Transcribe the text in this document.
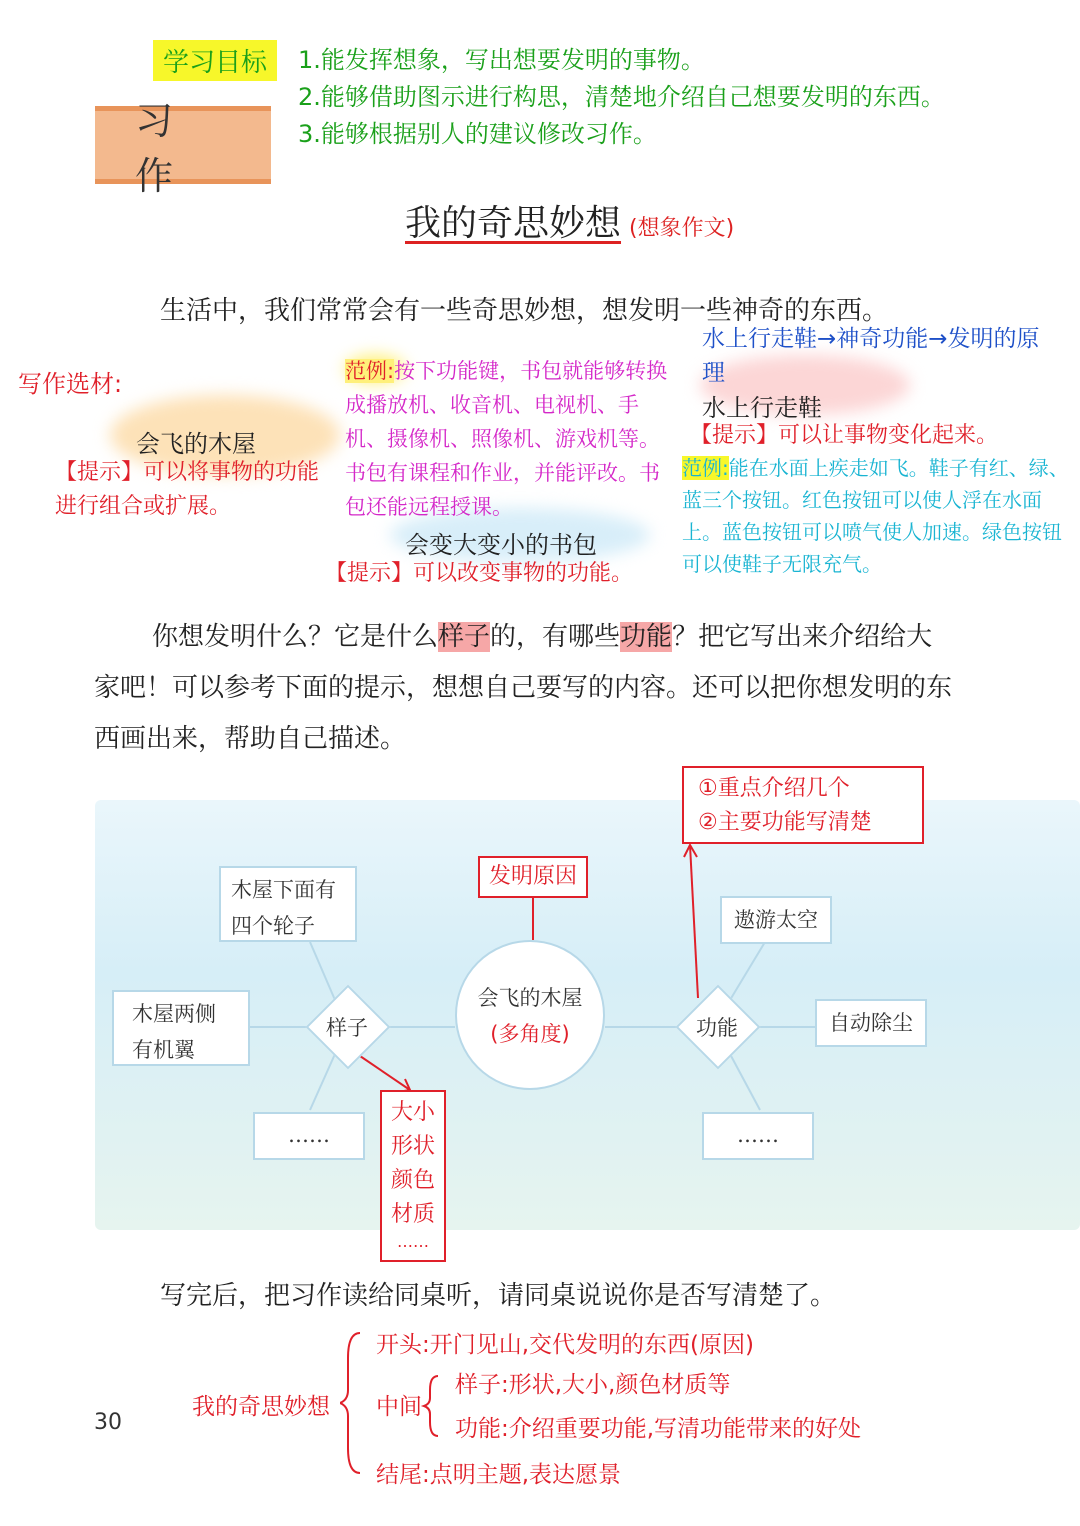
学习目标	1.能发挥想象，写出想要发明的事物。
2.能够借助图示进行构思，清楚地介绍自己想要发明的东西。
3.能够根据别人的建议修改习作。
习作
我的奇思妙想 (想象作文)
生活中，我们常常会有一些奇思妙想，想发明一些神奇的东西。
写作选材:
会飞的木屋
【提示】可以将事物的功能进行组合或扩展。
范例:按下功能键，书包就能够转换成播放机、收音机、电视机、手机、摄像机、照像机、游戏机等。书包有课程和作业，并能评改。书包还能远程授课。
会变大变小的书包
【提示】可以改变事物的功能。
水上行走鞋→神奇功能→发明的原理
水上行走鞋
【提示】可以让事物变化起来。
范例:能在水面上疾走如飞。鞋子有红、绿、蓝三个按钮。红色按钮可以使人浮在水面上。蓝色按钮可以喷气使人加速。绿色按钮可以使鞋子无限充气。
你想发明什么？它是什么样子的，有哪些功能？把它写出来介绍给大家吧！可以参考下面的提示，想想自己要写的内容。还可以把你想发明的东西画出来，帮助自己描述。
木屋下面有四个轮子
木屋两侧有机翼
……
遨游太空
自动除尘
……
样子	功能
会飞的木屋
(多角度)
发明原因
①重点介绍几个
②主要功能写清楚
大小
形状
颜色
材质
……
写完后，把习作读给同桌听，请同桌说说你是否写清楚了。
我的奇思妙想
开头:开门见山,交代发明的东西(原因)
中间
样子:形状,大小,颜色材质等
功能:介绍重要功能,写清功能带来的好处
结尾:点明主题,表达愿景
30
